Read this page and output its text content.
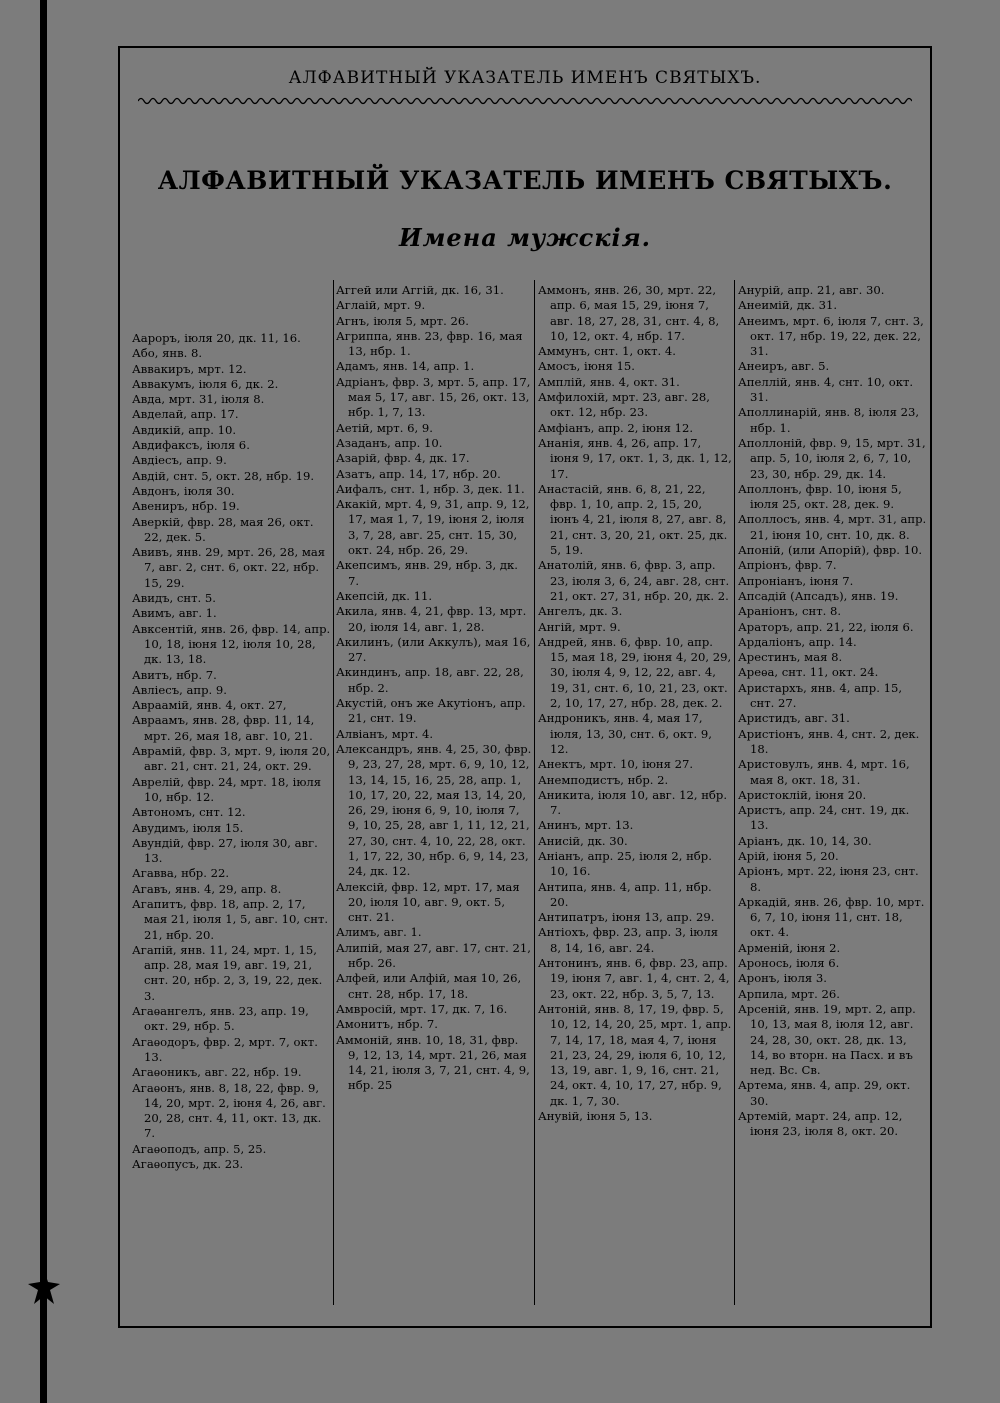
АЛФАВИТНЫЙ УКАЗАТЕЛЬ ИМЕНЪ СВЯТЫХЪ.
АЛФАВИТНЫЙ УКАЗАТЕЛЬ ИМЕНЪ СВЯТЫХЪ.
Имена мужскія.
Аароръ, іюля 20, дк. 11, 16.
Або, янв. 8.
Аввакиръ, мрт. 12.
Аввакумъ, іюля 6, дк. 2.
Авда, мрт. 31, іюля 8.
Авделай, апр. 17.
Авдикій, апр. 10.
Авдифаксъ, іюля 6.
Авдіесъ, апр. 9.
Авдій, снт. 5, окт. 28, нбр. 19.
Авдонъ, іюля 30.
Авениръ, нбр. 19.
Аверкій, фвр. 28, мая 26, окт. 22, дек. 5.
Авивъ, янв. 29, мрт. 26, 28, мая 7, авг. 2, снт. 6, окт. 22, нбр. 15, 29.
Авидъ, снт. 5.
Авимъ, авг. 1.
Авксентій, янв. 26, фвр. 14, апр. 10, 18, іюня 12, іюля 10, 28, дк. 13, 18.
Авитъ, нбр. 7.
Авліесъ, апр. 9.
Авраамій, янв. 4, окт. 27,
Авраамъ, янв. 28, фвр. 11, 14, мрт. 26, мая 18, авг. 10, 21.
Аврамій, фвр. 3, мрт. 9, іюля 20, авг. 21, снт. 21, 24, окт. 29.
Аврелій, фвр. 24, мрт. 18, іюля 10, нбр. 12.
Автономъ, снт. 12.
Авудимъ, іюля 15.
Авундій, фвр. 27, іюля 30, авг. 13.
Агавва, нбр. 22.
Агавъ, янв. 4, 29, апр. 8.
Агапитъ, фвр. 18, апр. 2, 17, мая 21, іюля 1, 5, авг. 10, снт. 21, нбр. 20.
Агапій, янв. 11, 24, мрт. 1, 15, апр. 28, мая 19, авг. 19, 21, снт. 20, нбр. 2, 3, 19, 22, дек. 3.
Агаѳангелъ, янв. 23, апр. 19, окт. 29, нбр. 5.
Агаѳодоръ, фвр. 2, мрт. 7, окт. 13.
Агаѳоникъ, авг. 22, нбр. 19.
Агаѳонъ, янв. 8, 18, 22, фвр. 9, 14, 20, мрт. 2, іюня 4, 26, авг. 20, 28, снт. 4, 11, окт. 13, дк. 7.
Агаѳоподъ, апр. 5, 25.
Агаѳопусъ, дк. 23.
Аггей или Аггій, дк. 16, 31.
Аглаій, мрт. 9.
Агнъ, іюля 5, мрт. 26.
Агриппа, янв. 23, фвр. 16, мая 13, нбр. 1.
Адамъ, янв. 14, апр. 1.
Адріанъ, фвр. 3, мрт. 5, апр. 17, мая 5, 17, авг. 15, 26, окт. 13, нбр. 1, 7, 13.
Аетій, мрт. 6, 9.
Азаданъ, апр. 10.
Азарій, фвр. 4, дк. 17.
Азатъ, апр. 14, 17, нбр. 20.
Аифалъ, снт. 1, нбр. 3, дек. 11.
Акакій, мрт. 4, 9, 31, апр. 9, 12, 17, мая 1, 7, 19, іюня 2, іюля 3, 7, 28, авг. 25, снт. 15, 30, окт. 24, нбр. 26, 29.
Акепсимъ, янв. 29, нбр. 3, дк. 7.
Акепсій, дк. 11.
Акила, янв. 4, 21, фвр. 13, мрт. 20, іюля 14, авг. 1, 28.
Акилинъ, (или Аккулъ), мая 16, 27.
Акиндинъ, апр. 18, авг. 22, 28, нбр. 2.
Акустій, онъ же Акутіонъ, апр. 21, снт. 19.
Алвіанъ, мрт. 4.
Александръ, янв. 4, 25, 30, фвр. 9, 23, 27, 28, мрт. 6, 9, 10, 12, 13, 14, 15, 16, 25, 28, апр. 1, 10, 17, 20, 22, мая 13, 14, 20, 26, 29, іюня 6, 9, 10, іюля 7, 9, 10, 25, 28, авг 1, 11, 12, 21, 27, 30, снт. 4, 10, 22, 28, окт. 1, 17, 22, 30, нбр. 6, 9, 14, 23, 24, дк. 12.
Алексій, фвр. 12, мрт. 17, мая 20, іюля 10, авг. 9, окт. 5, снт. 21.
Алимъ, авг. 1.
Алипій, мая 27, авг. 17, снт. 21, нбр. 26.
Алфей, или Алфій, мая 10, 26, снт. 28, нбр. 17, 18.
Амвросій, мрт. 17, дк. 7, 16.
Амонитъ, нбр. 7.
Аммоній, янв. 10, 18, 31, фвр. 9, 12, 13, 14, мрт. 21, 26, мая 14, 21, іюля 3, 7, 21, снт. 4, 9, нбр. 25
Аммонъ, янв. 26, 30, мрт. 22, апр. 6, мая 15, 29, іюня 7, авг. 18, 27, 28, 31, снт. 4, 8, 10, 12, окт. 4, нбр. 17.
Аммунъ, снт. 1, окт. 4.
Амосъ, іюня 15.
Амплій, янв. 4, окт. 31.
Амфилохій, мрт. 23, авг. 28, окт. 12, нбр. 23.
Амфіанъ, апр. 2, іюня 12.
Ананія, янв. 4, 26, апр. 17, іюня 9, 17, окт. 1, 3, дк. 1, 12, 17.
Анастасій, янв. 6, 8, 21, 22, фвр. 1, 10, апр. 2, 15, 20, іюнъ 4, 21, іюля 8, 27, авг. 8, 21, снт. 3, 20, 21, окт. 25, дк. 5, 19.
Анатолій, янв. 6, фвр. 3, апр. 23, іюля 3, 6, 24, авг. 28, снт. 21, окт. 27, 31, нбр. 20, дк. 2.
Ангелъ, дк. 3.
Ангій, мрт. 9.
Андрей, янв. 6, фвр. 10, апр. 15, мая 18, 29, іюня 4, 20, 29, 30, іюля 4, 9, 12, 22, авг. 4, 19, 31, снт. 6, 10, 21, 23, окт. 2, 10, 17, 27, нбр. 28, дек. 2.
Андроникъ, янв. 4, мая 17, іюля, 13, 30, снт. 6, окт. 9, 12.
Анектъ, мрт. 10, іюня 27.
Анемподистъ, нбр. 2.
Аникита, іюля 10, авг. 12, нбр. 7.
Анинъ, мрт. 13.
Анисій, дк. 30.
Аніанъ, апр. 25, іюля 2, нбр. 10, 16.
Антипа, янв. 4, апр. 11, нбр. 20.
Антипатръ, іюня 13, апр. 29.
Антіохъ, фвр. 23, апр. 3, іюля 8, 14, 16, авг. 24.
Антонинъ, янв. 6, фвр. 23, апр. 19, іюня 7, авг. 1, 4, снт. 2, 4, 23, окт. 22, нбр. 3, 5, 7, 13.
Антоній, янв. 8, 17, 19, фвр. 5, 10, 12, 14, 20, 25, мрт. 1, апр. 7, 14, 17, 18, мая 4, 7, іюня 21, 23, 24, 29, іюля 6, 10, 12, 13, 19, авг. 1, 9, 16, снт. 21, 24, окт. 4, 10, 17, 27, нбр. 9, дк. 1, 7, 30.
Анувій, іюня 5, 13.
Анурій, апр. 21, авг. 30.
Анеимій, дк. 31.
Анеимъ, мрт. 6, іюля 7, снт. 3, окт. 17, нбр. 19, 22, дек. 22, 31.
Анеиръ, авг. 5.
Апеллій, янв. 4, снт. 10, окт. 31.
Аполлинарій, янв. 8, іюля 23, нбр. 1.
Аполлоній, фвр. 9, 15, мрт. 31, апр. 5, 10, іюля 2, 6, 7, 10, 23, 30, нбр. 29, дк. 14.
Аполлонъ, фвр. 10, іюня 5, іюля 25, окт. 28, дек. 9.
Аполлосъ, янв. 4, мрт. 31, апр. 21, іюня 10, снт. 10, дк. 8.
Апоній, (или Апорій), фвр. 10.
Апріонъ, фвр. 7.
Апроніанъ, іюня 7.
Апсадій (Апсадъ), янв. 19.
Араніонъ, снт. 8.
Араторъ, апр. 21, 22, іюля 6.
Ардаліонъ, апр. 14.
Арестинъ, мая 8.
Ареѳа, снт. 11, окт. 24.
Аристархъ, янв. 4, апр. 15, снт. 27.
Аристидъ, авг. 31.
Аристіонъ, янв. 4, снт. 2, дек. 18.
Аристовулъ, янв. 4, мрт. 16, мая 8, окт. 18, 31.
Аристоклій, іюня 20.
Аристъ, апр. 24, снт. 19, дк. 13.
Аріанъ, дк. 10, 14, 30.
Арій, іюня 5, 20.
Аріонъ, мрт. 22, іюня 23, снт. 8.
Аркадій, янв. 26, фвр. 10, мрт. 6, 7, 10, іюня 11, снт. 18, окт. 4.
Арменій, іюня 2.
Аронось, іюля 6.
Аронъ, іюля 3.
Арпила, мрт. 26.
Арсеній, янв. 19, мрт. 2, апр. 10, 13, мая 8, іюля 12, авг. 24, 28, 30, окт. 28, дк. 13, 14, во вторн. на Пасх. и въ нед. Вс. Св.
Артема, янв. 4, апр. 29, окт. 30.
Артемій, март. 24, апр. 12, іюня 23, іюля 8, окт. 20.
